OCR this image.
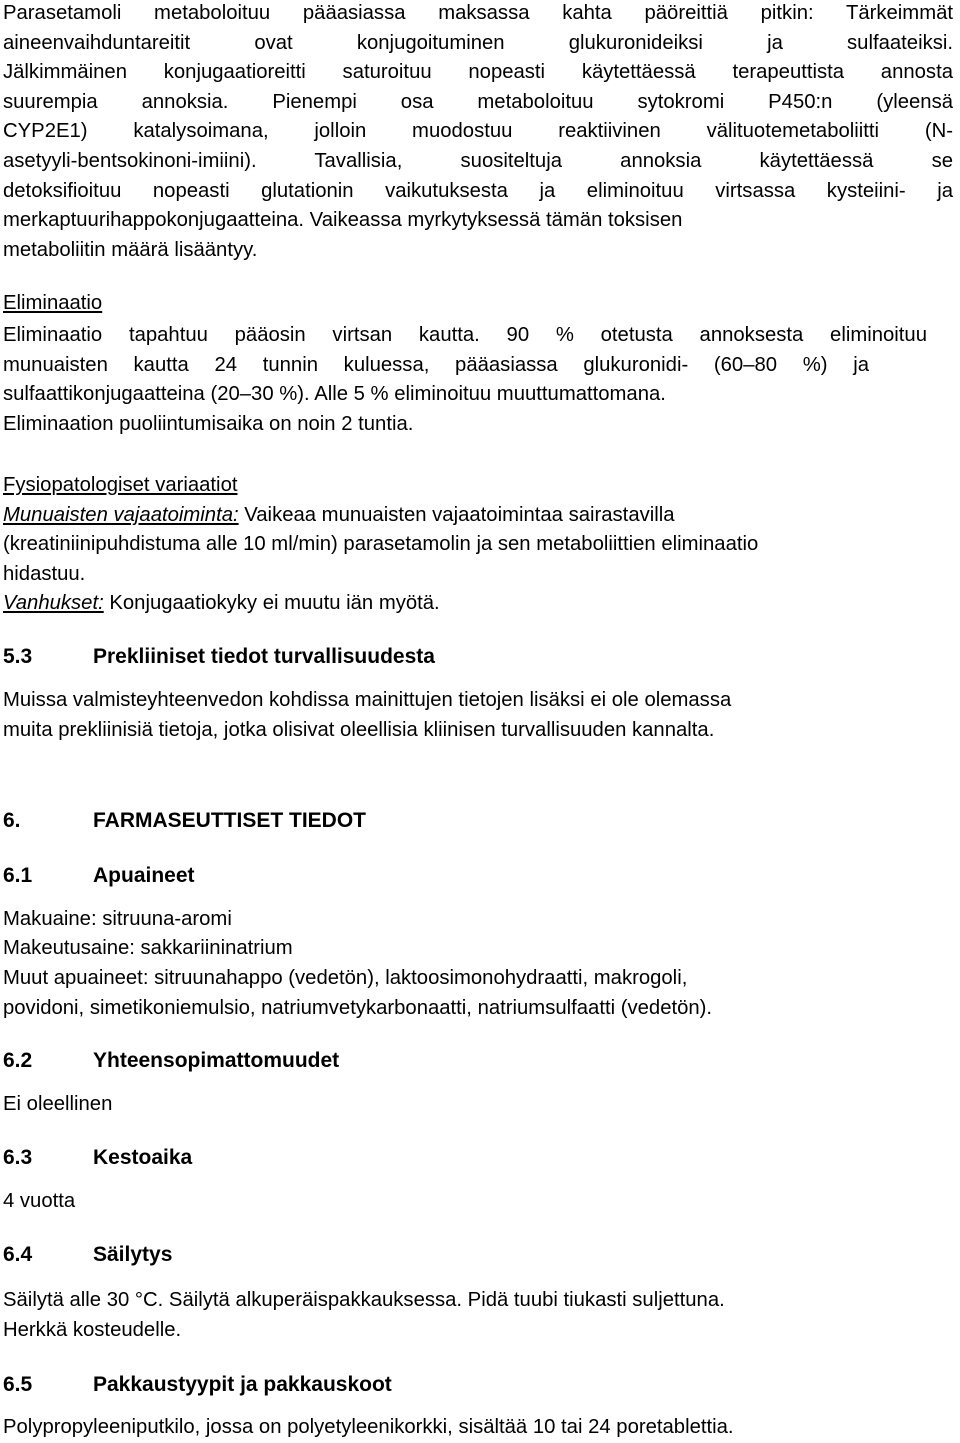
Parasetamoli metaboloituu pääasiassa maksassa kahta päöreittiä pitkin: Tärkeimmät
aineenvaihduntareitit ovat konjugoituminen glukuronideiksi ja sulfaateiksi.
Jälkimmäinen konjugaatioreitti saturoituu nopeasti käytettäessä terapeuttista annosta
suurempia annoksia. Pienempi osa metaboloituu sytokromi P450:n (yleensä
CYP2E1) katalysoimana, jolloin muodostuu reaktiivinen välituotemetaboliitti (N-
asetyyli-bentsokinoni-imiini). Tavallisia, suositeltuja annoksia käytettäessä se
detoksifioituu nopeasti glutationin vaikutuksesta ja eliminoituu virtsassa kysteiini- ja
merkaptuurihappokonjugaatteina. Vaikeassa myrkytyksessä tämän toksisen
metaboliitin määrä lisääntyy.
Eliminaatio
Eliminaatio tapahtuu pääosin virtsan kautta. 90 % otetusta annoksesta eliminoituu
munuaisten kautta 24 tunnin kuluessa, pääasiassa glukuronidi- (60–80 %) ja
sulfaattikonjugaatteina (20–30 %). Alle 5 % eliminoituu muuttumattomana.
Eliminaation puoliintumisaika on noin 2 tuntia.
Fysiopatologiset variaatiot
Munuaisten vajaatoiminta: Vaikeaa munuaisten vajaatoimintaa sairastavilla
(kreatiniinipuhdistuma alle 10 ml/min) parasetamolin ja sen metaboliittien eliminaatio
hidastuu.
Vanhukset: Konjugaatiokyky ei muutu iän myötä.
5.3	Prekliiniset tiedot turvallisuudesta
Muissa valmisteyhteenvedon kohdissa mainittujen tietojen lisäksi ei ole olemassa
muita prekliinisiä tietoja, jotka olisivat oleellisia kliinisen turvallisuuden kannalta.
6.	FARMASEUTTISET TIEDOT
6.1	Apuaineet
Makuaine: sitruuna-aromi
Makeutusaine: sakkariininatrium
Muut apuaineet: sitruunahappo (vedetön), laktoosimonohydraatti, makrogoli,
povidoni, simetikoniemulsio, natriumvetykarbonaatti, natriumsulfaatti (vedetön).
6.2	Yhteensopimattomuudet
Ei oleellinen
6.3	Kestoaika
4 vuotta
6.4	Säilytys
Säilytä alle 30 °C. Säilytä alkuperäispakkauksessa. Pidä tuubi tiukasti suljettuna.
Herkkä kosteudelle.
6.5	Pakkaustyypit ja pakkauskoot
Polypropyleeniputkilo, jossa on polyetyleenikorkki, sisältää 10 tai 24 poretablettia.
